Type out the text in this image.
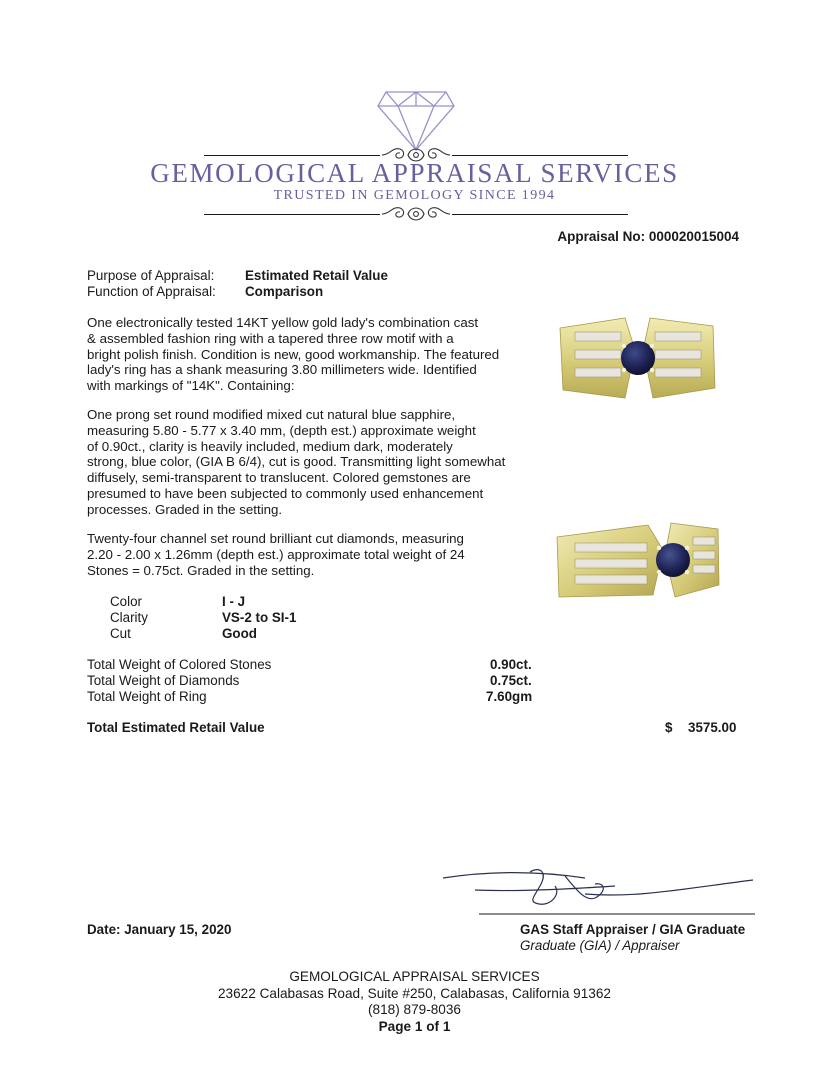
GEMOLOGICAL APPRAISAL SERVICES
TRUSTED IN GEMOLOGY SINCE 1994
Appraisal No: 000020015004
Purpose of Appraisal: Estimated Retail Value
Function of Appraisal: Comparison
One electronically tested 14KT yellow gold lady's combination cast
& assembled fashion ring with a tapered three row motif with a
bright polish finish. Condition is new, good workmanship. The featured
lady's ring has a shank measuring 3.80 millimeters wide. Identified
with markings of "14K". Containing:
One prong set round modified mixed cut natural blue sapphire,
measuring 5.80 - 5.77 x 3.40 mm, (depth est.) approximate weight
of 0.90ct., clarity is heavily included, medium dark, moderately
strong, blue color, (GIA B 6/4), cut is good. Transmitting light somewhat
diffusely, semi-transparent to translucent. Colored gemstones are
presumed to have been subjected to commonly used enhancement
processes. Graded in the setting.
Twenty-four channel set round brilliant cut diamonds, measuring
2.20 - 2.00 x 1.26mm (depth est.) approximate total weight of 24
Stones = 0.75ct. Graded in the setting.
Color	I - J
Clarity	VS-2 to SI-1
Cut	Good
Total Weight of Colored Stones	0.90ct.
Total Weight of Diamonds	0.75ct.
Total Weight of Ring	7.60gm
Total Estimated Retail Value	$ 3575.00
Date: January 15, 2020	GAS Staff Appraiser / GIA Graduate
Graduate (GIA) / Appraiser
GEMOLOGICAL APPRAISAL SERVICES
23622 Calabasas Road, Suite #250, Calabasas, California 91362
(818) 879-8036
Page 1 of 1
